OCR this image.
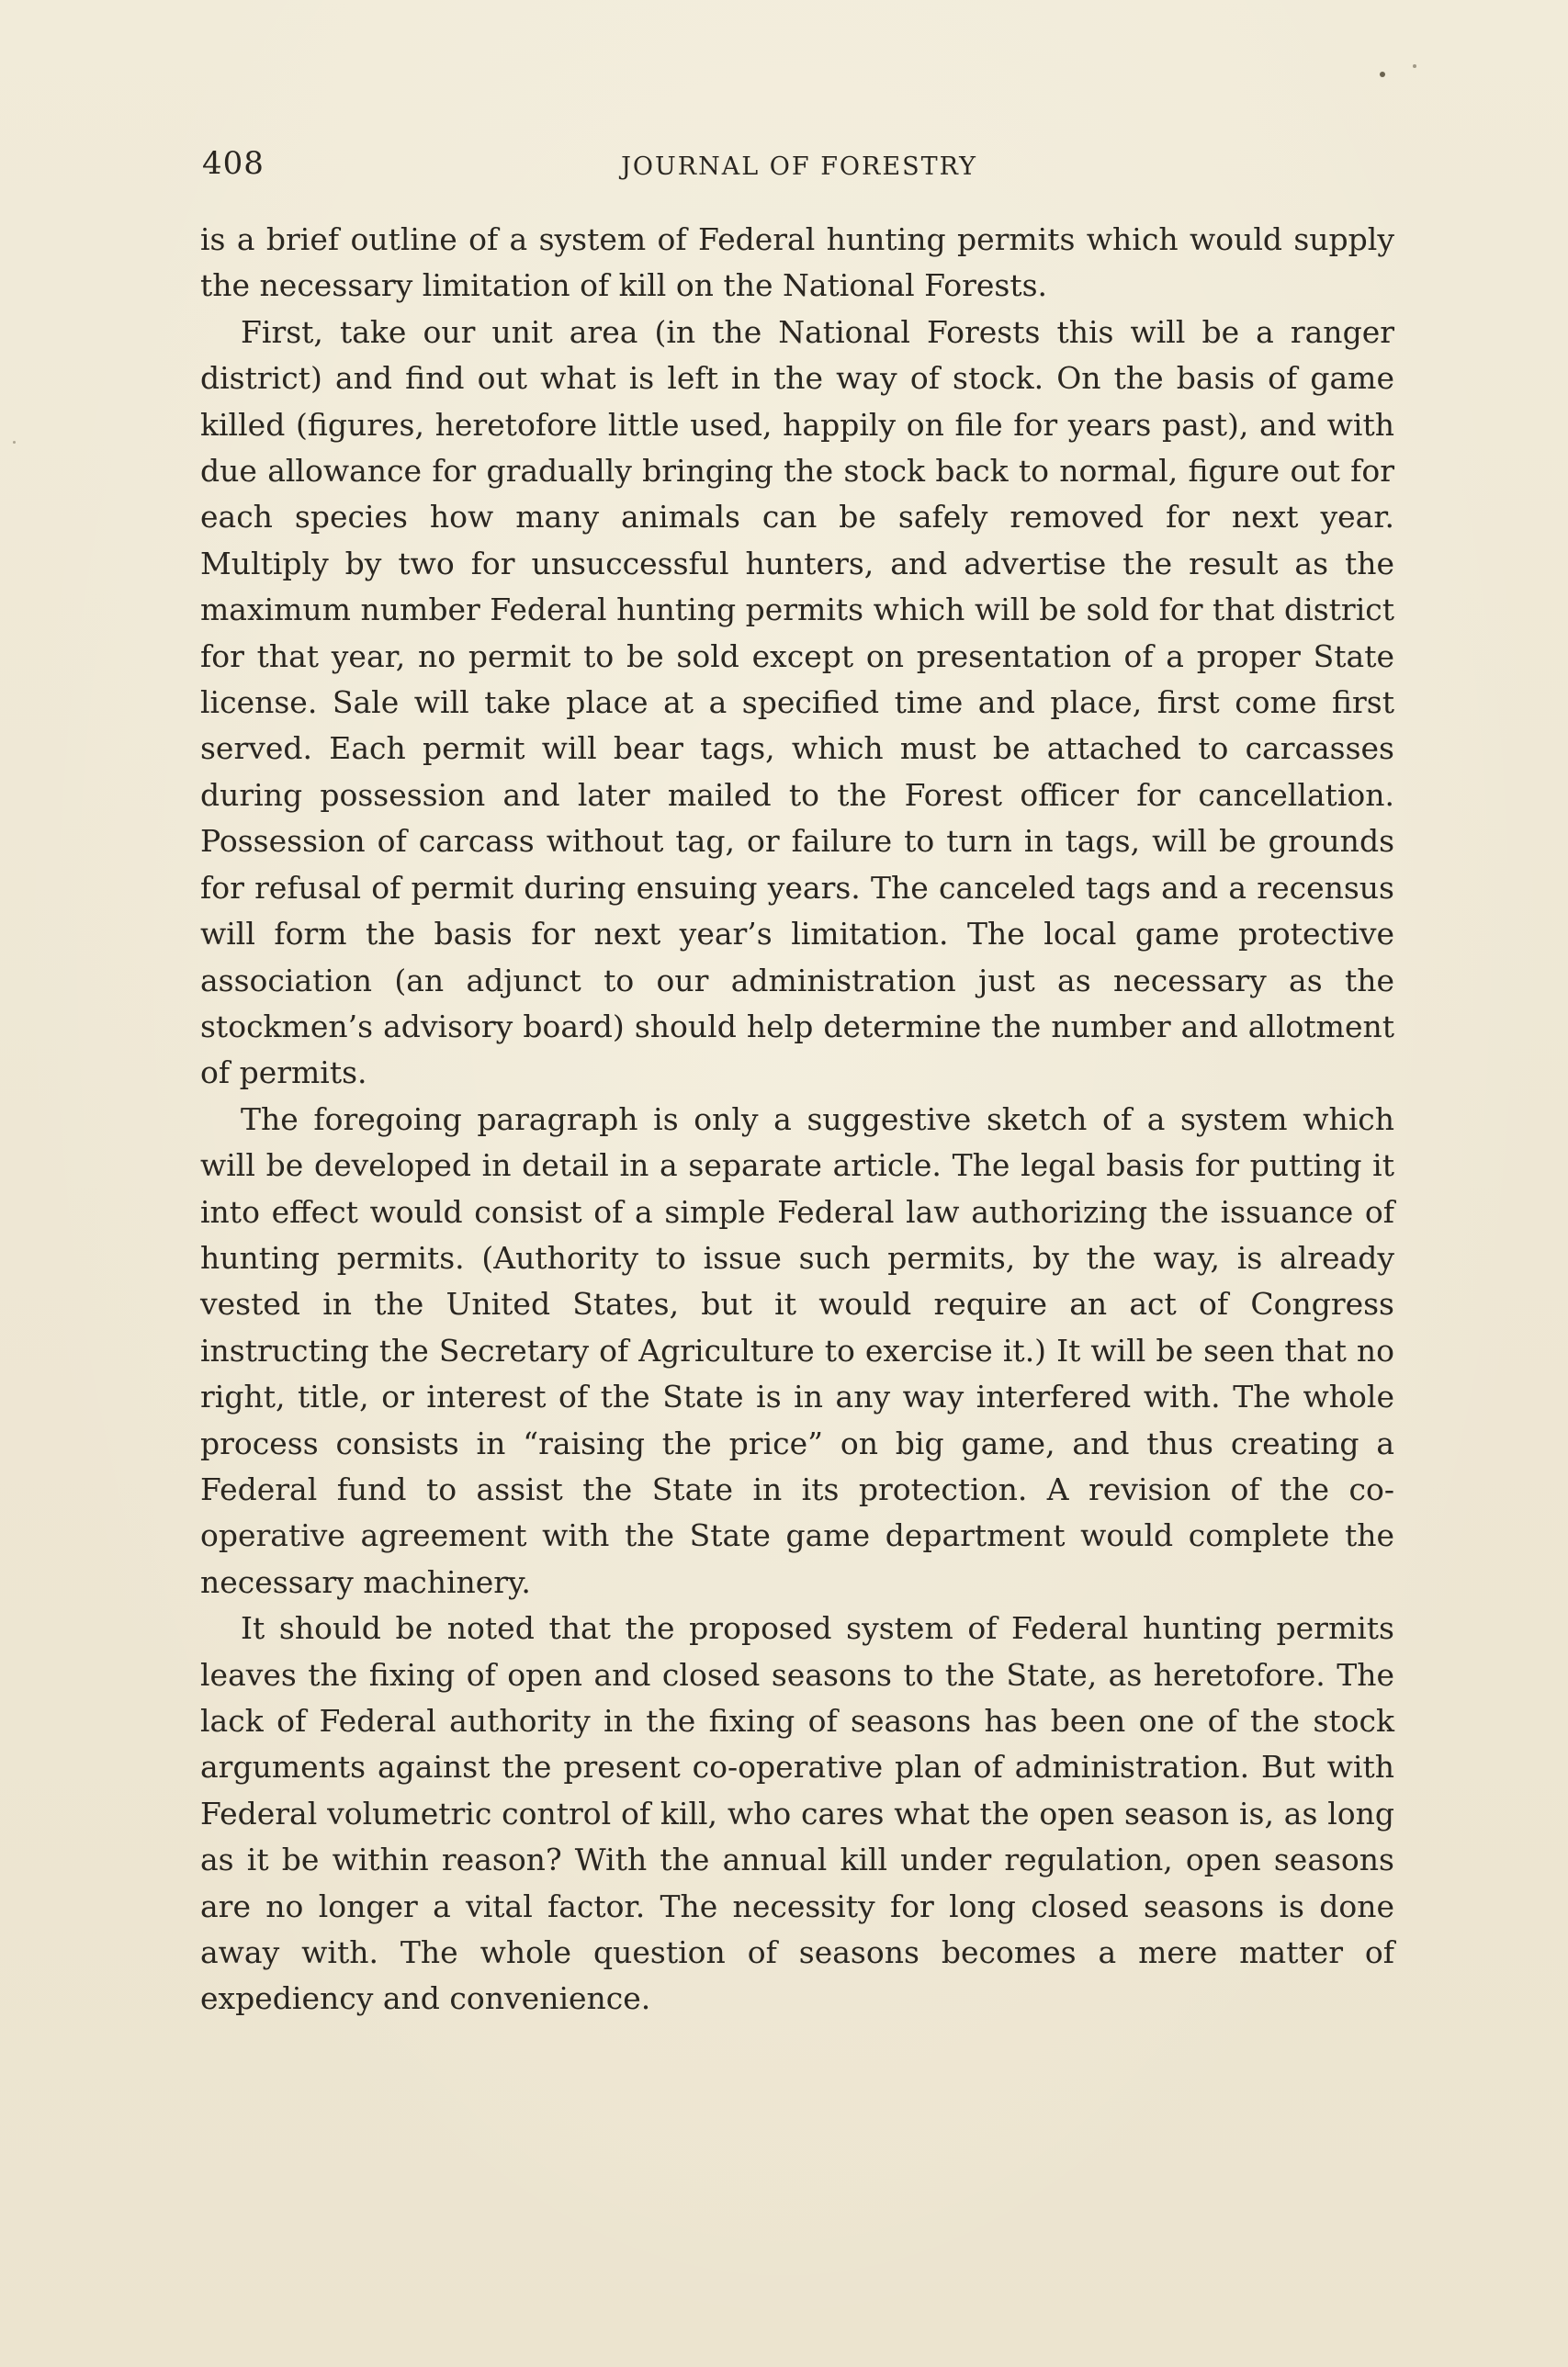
408	JOURNAL OF FORESTRY

is a brief outline of a system of Federal hunting permits which would supply the necessary limitation of kill on the National Forests.

First, take our unit area (in the National Forests this will be a ranger district) and find out what is left in the way of stock. On the basis of game killed (figures, heretofore little used, happily on file for years past), and with due allowance for gradually bringing the stock back to normal, figure out for each species how many animals can be safely removed for next year. Multiply by two for unsuccessful hunters, and advertise the result as the maximum number Federal hunting permits which will be sold for that district for that year, no permit to be sold except on presentation of a proper State license. Sale will take place at a specified time and place, first come first served. Each permit will bear tags, which must be attached to carcasses during possession and later mailed to the Forest officer for cancellation. Possession of carcass without tag, or failure to turn in tags, will be grounds for refusal of permit during ensuing years. The canceled tags and a recensus will form the basis for next year’s limitation. The local game protective association (an adjunct to our administration just as necessary as the stockmen’s advisory board) should help determine the number and allotment of permits.

The foregoing paragraph is only a suggestive sketch of a system which will be developed in detail in a separate article. The legal basis for putting it into effect would consist of a simple Federal law authorizing the issuance of hunting permits. (Authority to issue such permits, by the way, is already vested in the United States, but it would require an act of Congress instructing the Secretary of Agriculture to exercise it.) It will be seen that no right, title, or interest of the State is in any way interfered with. The whole process consists in “raising the price” on big game, and thus creating a Federal fund to assist the State in its protection. A revision of the co-operative agreement with the State game department would complete the necessary machinery.

It should be noted that the proposed system of Federal hunting permits leaves the fixing of open and closed seasons to the State, as heretofore. The lack of Federal authority in the fixing of seasons has been one of the stock arguments against the present co-operative plan of administration. But with Federal volumetric control of kill, who cares what the open season is, as long as it be within reason? With the annual kill under regulation, open seasons are no longer a vital factor. The necessity for long closed seasons is done away with. The whole question of seasons becomes a mere matter of expediency and convenience.
